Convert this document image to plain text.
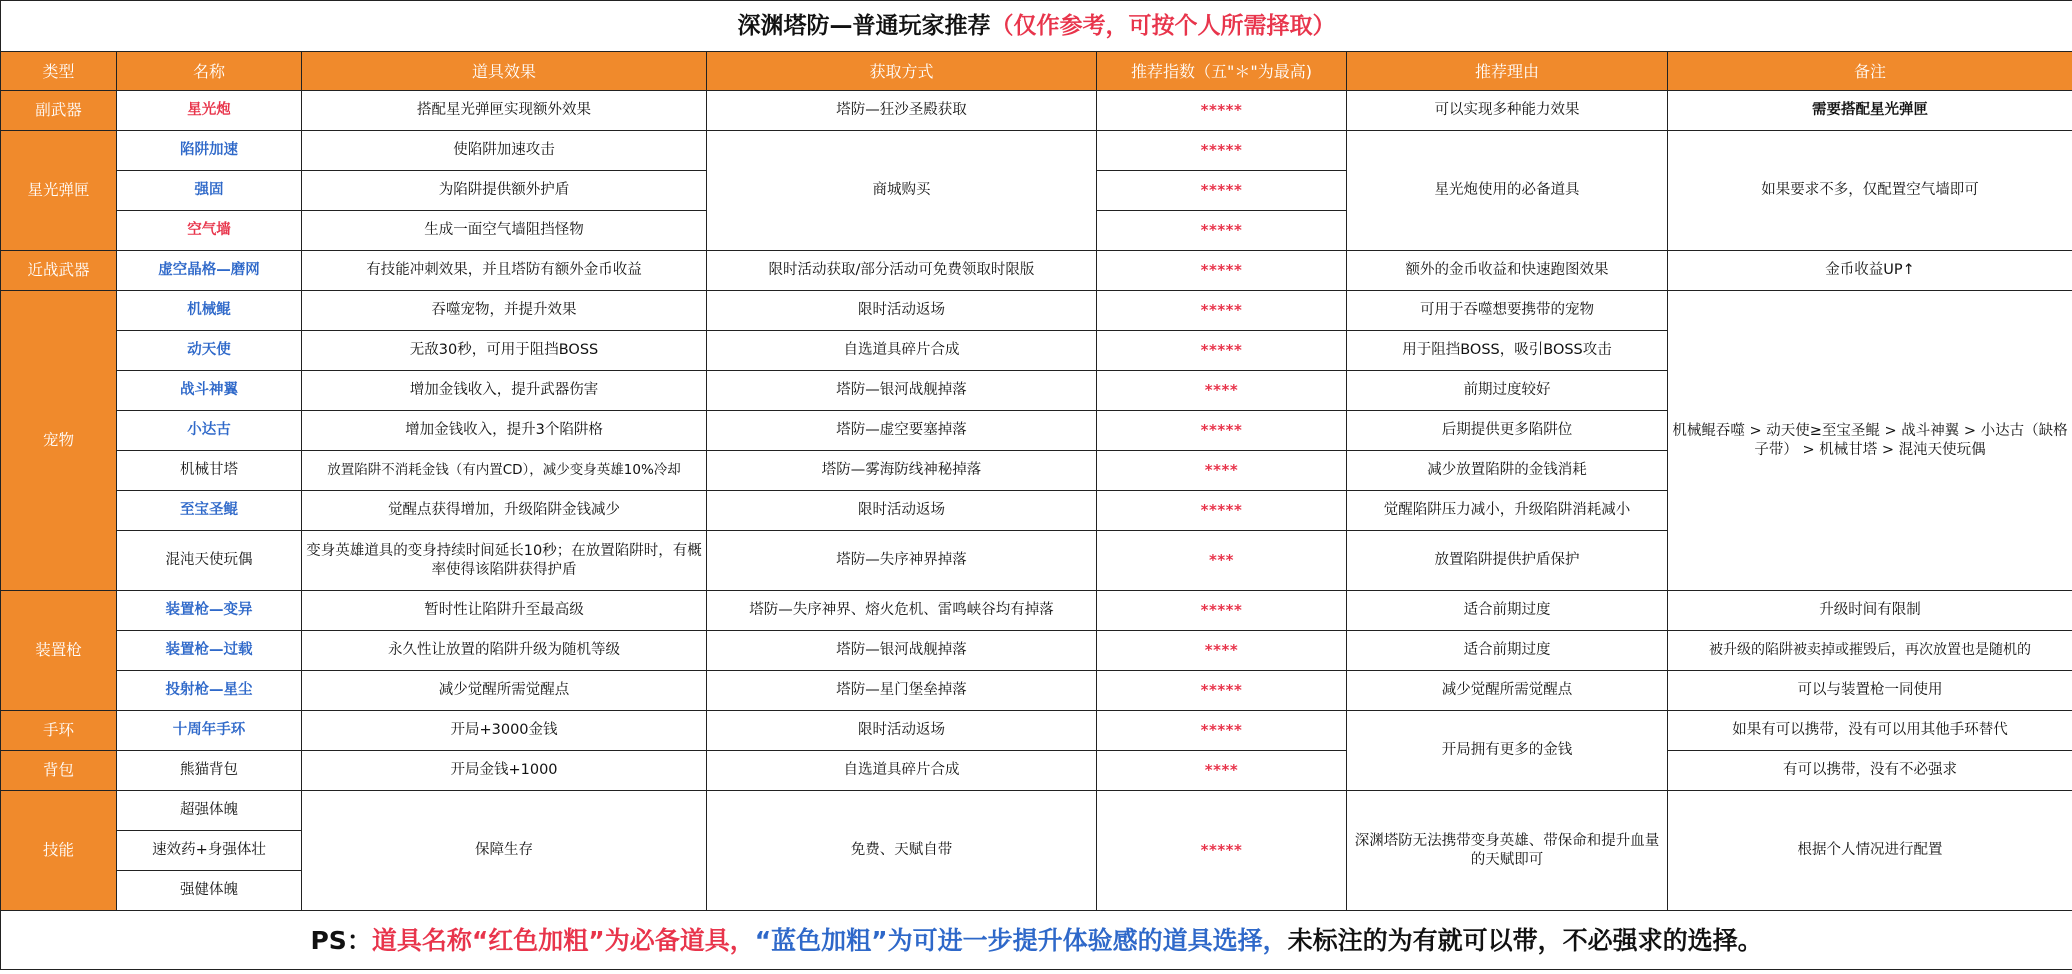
深渊塔防—普通玩家推荐（仅作参考，可按个人所需择取）						
类型	名称	道具效果	获取方式	推荐指数（五"＊"为最高)	推荐理由	备注
副武器	星光炮	搭配星光弹匣实现额外效果	塔防—狂沙圣殿获取	*****	可以实现多种能力效果	需要搭配星光弹匣
星光弹匣	陷阱加速	使陷阱加速攻击	商城购买	*****	星光炮使用的必备道具	如果要求不多，仅配置空气墙即可
	强固	为陷阱提供额外护盾		*****		
	空气墙	生成一面空气墙阻挡怪物		*****		
近战武器	虚空晶格—磨网	有技能冲刺效果，并且塔防有额外金币收益	限时活动获取/部分活动可免费领取时限版	*****	额外的金币收益和快速跑图效果	金币收益UP↑
宠物	机械鲲	吞噬宠物，并提升效果	限时活动返场	*****	可用于吞噬想要携带的宠物	机械鲲吞噬 > 动天使≥至宝圣鲲 > 战斗神翼 > 小达古（缺格子带） > 机械甘塔 > 混沌天使玩偶
	动天使	无敌30秒，可用于阻挡BOSS	自选道具碎片合成	*****	用于阻挡BOSS，吸引BOSS攻击	
	战斗神翼	增加金钱收入，提升武器伤害	塔防—银河战舰掉落	****	前期过度较好	
	小达古	增加金钱收入，提升3个陷阱格	塔防—虚空要塞掉落	*****	后期提供更多陷阱位	
	机械甘塔	放置陷阱不消耗金钱（有内置CD），减少变身英雄10%冷却	塔防—雾海防线神秘掉落	****	减少放置陷阱的金钱消耗	
	至宝圣鲲	觉醒点获得增加，升级陷阱金钱减少	限时活动返场	*****	觉醒陷阱压力减小，升级陷阱消耗减小	
	混沌天使玩偶	变身英雄道具的变身持续时间延长10秒；在放置陷阱时，有概率使得该陷阱获得护盾	塔防—失序神界掉落	***	放置陷阱提供护盾保护	
装置枪	装置枪—变异	暂时性让陷阱升至最高级	塔防—失序神界、熔火危机、雷鸣峡谷均有掉落	*****	适合前期过度	升级时间有限制
	装置枪—过载	永久性让放置的陷阱升级为随机等级	塔防—银河战舰掉落	****	适合前期过度	被升级的陷阱被卖掉或摧毁后，再次放置也是随机的
	投射枪—星尘	减少觉醒所需觉醒点	塔防—星门堡垒掉落	*****	减少觉醒所需觉醒点	可以与装置枪一同使用
手环	十周年手环	开局+3000金钱	限时活动返场	*****	开局拥有更多的金钱	如果有可以携带，没有可以用其他手环替代
背包	熊猫背包	开局金钱+1000	自选道具碎片合成	****		有可以携带，没有不必强求
技能	超强体魄	保障生存	免费、天赋自带	*****	深渊塔防无法携带变身英雄、带保命和提升血量的天赋即可	根据个人情况进行配置
	速效药+身强体壮					
	强健体魄					
PS：道具名称“红色加粗”为必备道具，“蓝色加粗”为可进一步提升体验感的道具选择，未标注的为有就可以带，不必强求的选择。						
